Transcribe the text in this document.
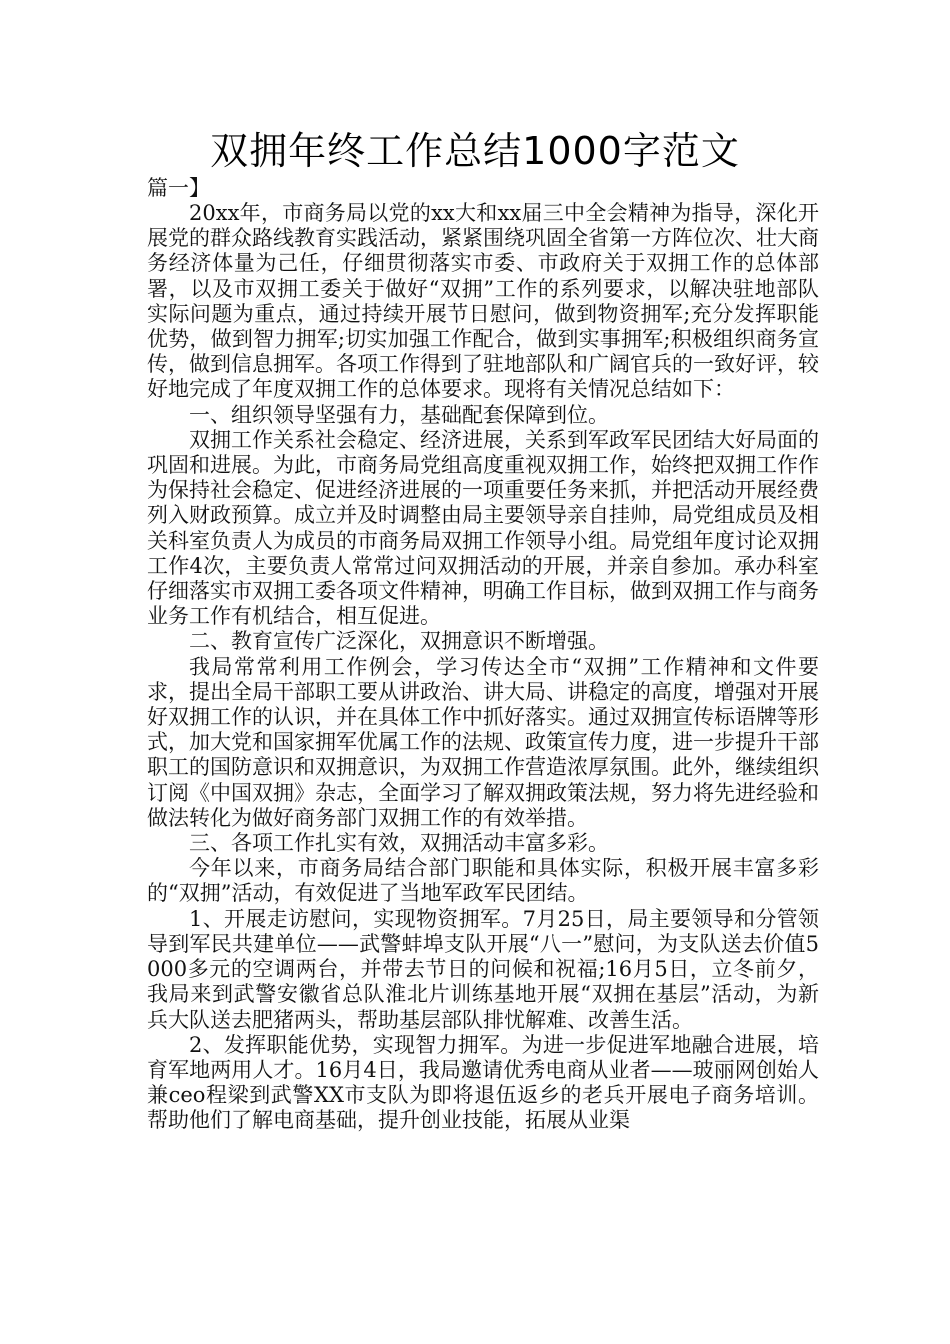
双拥年终工作总结1000字范文

篇一】

20xx年，市商务局以党的xx大和xx届三中全会精神为指导，深化开展党的群众路线教育实践活动，紧紧围绕巩固全省第一方阵位次、壮大商务经济体量为己任，仔细贯彻落实市委、市政府关于双拥工作的总体部署，以及市双拥工委关于做好“双拥”工作的系列要求，以解决驻地部队实际问题为重点，通过持续开展节日慰问，做到物资拥军;充分发挥职能优势，做到智力拥军;切实加强工作配合，做到实事拥军;积极组织商务宣传，做到信息拥军。各项工作得到了驻地部队和广阔官兵的一致好评，较好地完成了年度双拥工作的总体要求。现将有关情况总结如下：

一、组织领导坚强有力，基础配套保障到位。

双拥工作关系社会稳定、经济进展，关系到军政军民团结大好局面的巩固和进展。为此，市商务局党组高度重视双拥工作，始终把双拥工作作为保持社会稳定、促进经济进展的一项重要任务来抓，并把活动开展经费列入财政预算。成立并及时调整由局主要领导亲自挂帅，局党组成员及相关科室负责人为成员的市商务局双拥工作领导小组。局党组年度讨论双拥工作4次，主要负责人常常过问双拥活动的开展，并亲自参加。承办科室仔细落实市双拥工委各项文件精神，明确工作目标，做到双拥工作与商务业务工作有机结合，相互促进。

二、教育宣传广泛深化，双拥意识不断增强。

我局常常利用工作例会，学习传达全市“双拥”工作精神和文件要求，提出全局干部职工要从讲政治、讲大局、讲稳定的高度，增强对开展好双拥工作的认识，并在具体工作中抓好落实。通过双拥宣传标语牌等形式，加大党和国家拥军优属工作的法规、政策宣传力度，进一步提升干部职工的国防意识和双拥意识，为双拥工作营造浓厚氛围。此外，继续组织订阅《中国双拥》杂志，全面学习了解双拥政策法规，努力将先进经验和做法转化为做好商务部门双拥工作的有效举措。

三、各项工作扎实有效，双拥活动丰富多彩。

今年以来，市商务局结合部门职能和具体实际，积极开展丰富多彩的“双拥”活动，有效促进了当地军政军民团结。

1、开展走访慰问，实现物资拥军。7月25日，局主要领导和分管领导到军民共建单位——武警蚌埠支队开展“八一”慰问，为支队送去价值5000多元的空调两台，并带去节日的问候和祝福;16月5日，立冬前夕，我局来到武警安徽省总队淮北片训练基地开展“双拥在基层”活动，为新兵大队送去肥猪两头，帮助基层部队排忧解难、改善生活。

2、发挥职能优势，实现智力拥军。为进一步促进军地融合进展，培育军地两用人才。16月4日，我局邀请优秀电商从业者——玻丽网创始人兼ceo程梁到武警XX市支队为即将退伍返乡的老兵开展电子商务培训。帮助他们了解电商基础，提升创业技能，拓展从业渠
